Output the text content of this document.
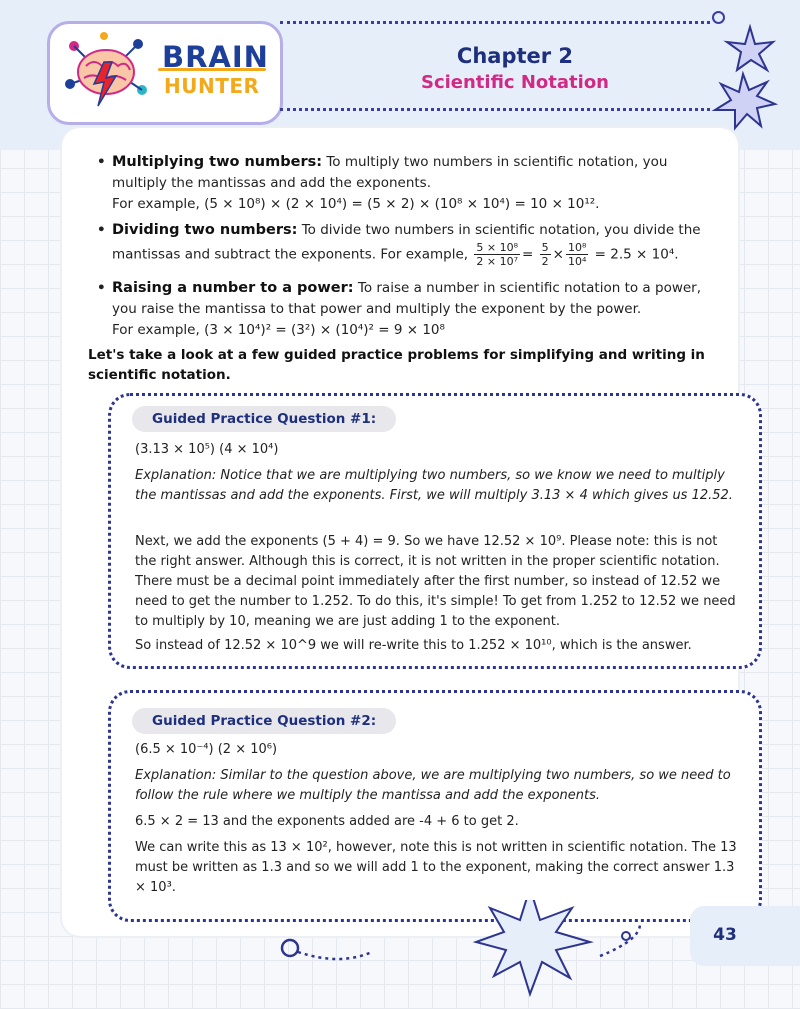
BRAIN
HUNTER
Chapter 2
Scientific Notation
• Multiplying two numbers: To multiply two numbers in scientific notation, you multiply the mantissas and add the exponents.
For example, (5 × 10⁸) × (2 × 10⁴) = (5 × 2) × (10⁸ × 10⁴) = 10 × 10¹².
• Dividing two numbers: To divide two numbers in scientific notation, you divide the mantissas and subtract the exponents. For example, $\frac{\text{5 × 10⁸}}{\text{2 × 10⁷}} = \frac{5}{2} \times \frac{\text{10⁸}}{\text{10⁴}} = 2.5 \times 10^4$.
• Raising a number to a power: To raise a number in scientific notation to a power, you raise the mantissa to that power and multiply the exponent by the power.
For example, (3 × 10⁴)² = (3²) × (10⁴)² = 9 × 10⁸
Let's take a look at a few guided practice problems for simplifying and writing in scientific notation.
Guided Practice Question #1:
(3.13 × 10⁵) (4 × 10⁴)
Explanation: Notice that we are multiplying two numbers, so we know we need to multiply the mantissas and add the exponents. First, we will multiply 3.13 × 4 which gives us 12.52.
Next, we add the exponents (5 + 4) = 9. So we have 12.52 × 10⁹. Please note: this is not the right answer. Although this is correct, it is not written in the proper scientific notation. There must be a decimal point immediately after the first number, so instead of 12.52 we need to get the number to 1.252. To do this, it's simple! To get from 1.252 to 12.52 we need to multiply by 10, meaning we are just adding 1 to the exponent.
So instead of 12.52 × 10^9 we will re-write this to 1.252 × 10¹⁰, which is the answer.
Guided Practice Question #2:
(6.5 × 10⁻⁴) (2 × 10⁶)
Explanation: Similar to the question above, we are multiplying two numbers, so we need to follow the rule where we multiply the mantissa and add the exponents.
6.5 × 2 = 13 and the exponents added are -4 + 6 to get 2.
We can write this as 13 × 10², however, note this is not written in scientific notation. The 13 must be written as 1.3 and so we will add 1 to the exponent, making the correct answer 1.3 × 10³.
43
